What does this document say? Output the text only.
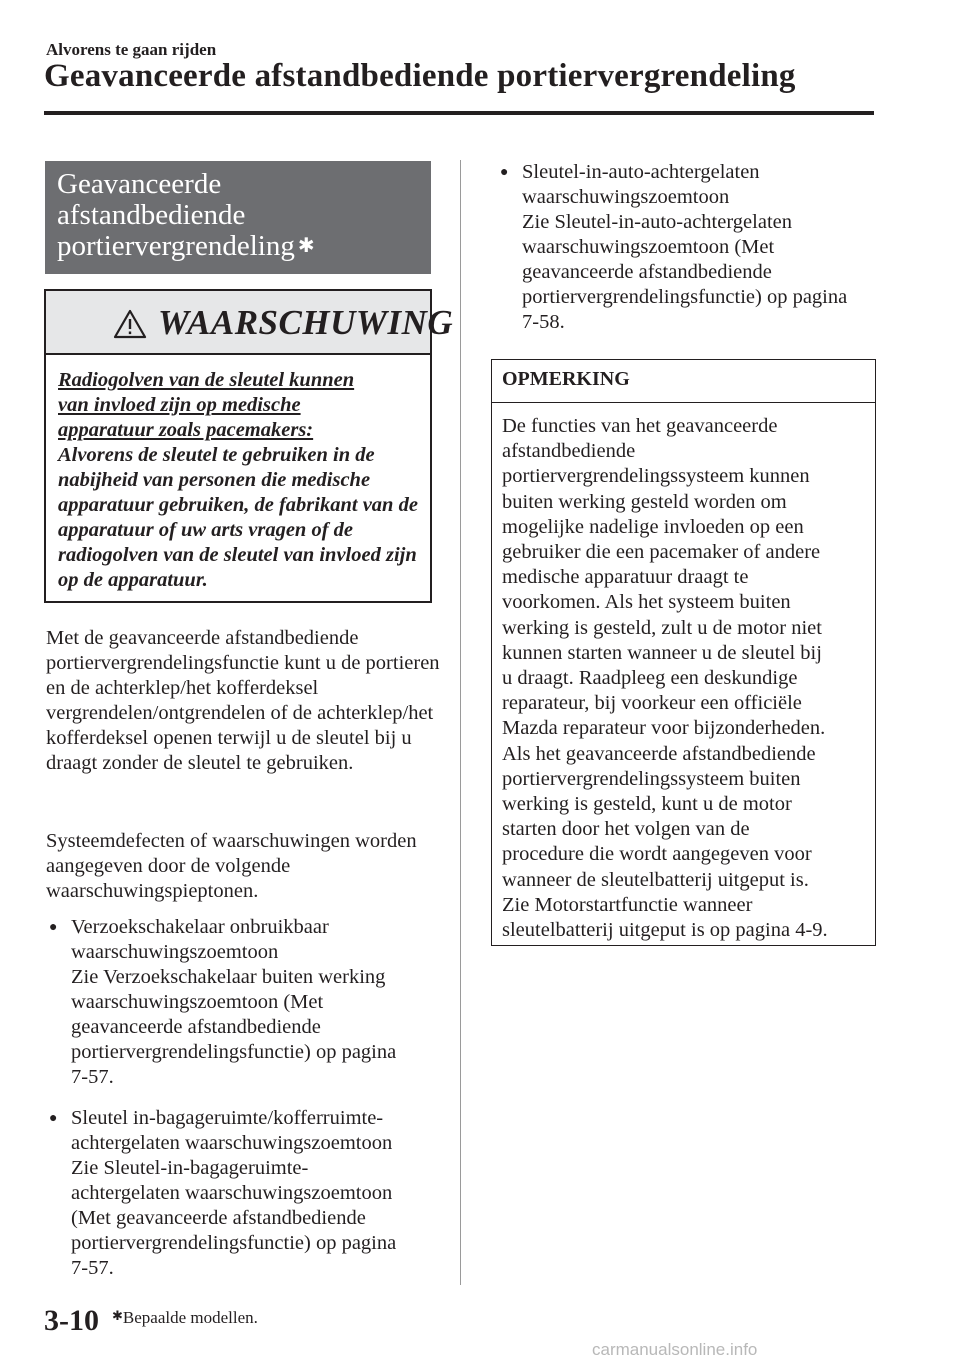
Alvorens te gaan rijden
Geavanceerde afstandbediende portiervergrendeling
Geavanceerde
afstandbediende
portiervergrendeling ✱
WAARSCHUWING
Radiogolven van de sleutel kunnen
van invloed zijn op medische
apparatuur zoals pacemakers:
Alvorens de sleutel te gebruiken in de nabijheid van personen die medische apparatuur gebruiken, de fabrikant van de apparatuur of uw arts vragen of de radiogolven van de sleutel van invloed zijn op de apparatuur.
Met de geavanceerde afstandbediende portiervergrendelingsfunctie kunt u de portieren en de achterklep/het kofferdeksel vergrendelen/ontgrendelen of de achterklep/het kofferdeksel openen terwijl u de sleutel bij u draagt zonder de sleutel te gebruiken.
Systeemdefecten of waarschuwingen worden aangegeven door de volgende waarschuwingspieptonen.
● Verzoekschakelaar onbruikbaar
waarschuwingszoemtoon
Zie Verzoekschakelaar buiten werking
waarschuwingszoemtoon (Met
geavanceerde afstandbediende
portiervergrendelingsfunctie) op pagina
7-57.
● Sleutel in-bagageruimte/kofferruimte-
achtergelaten waarschuwingszoemtoon
Zie Sleutel-in-bagageruimte-
achtergelaten waarschuwingszoemtoon
(Met geavanceerde afstandbediende
portiervergrendelingsfunctie) op pagina
7-57.
● Sleutel-in-auto-achtergelaten
waarschuwingszoemtoon
Zie Sleutel-in-auto-achtergelaten
waarschuwingszoemtoon (Met
geavanceerde afstandbediende
portiervergrendelingsfunctie) op pagina
7-58.
OPMERKING
De functies van het geavanceerde
afstandbediende
portiervergrendelingssysteem kunnen
buiten werking gesteld worden om
mogelijke nadelige invloeden op een
gebruiker die een pacemaker of andere
medische apparatuur draagt te
voorkomen. Als het systeem buiten
werking is gesteld, zult u de motor niet
kunnen starten wanneer u de sleutel bij
u draagt. Raadpleeg een deskundige
reparateur, bij voorkeur een officiële
Mazda reparateur voor bijzonderheden.
Als het geavanceerde afstandbediende
portiervergrendelingssysteem buiten
werking is gesteld, kunt u de motor
starten door het volgen van de
procedure die wordt aangegeven voor
wanneer de sleutelbatterij uitgeput is.
Zie Motorstartfunctie wanneer
sleutelbatterij uitgeput is op pagina 4-9.
3-10 ✱Bepaalde modellen.
carmanualsonline.info
